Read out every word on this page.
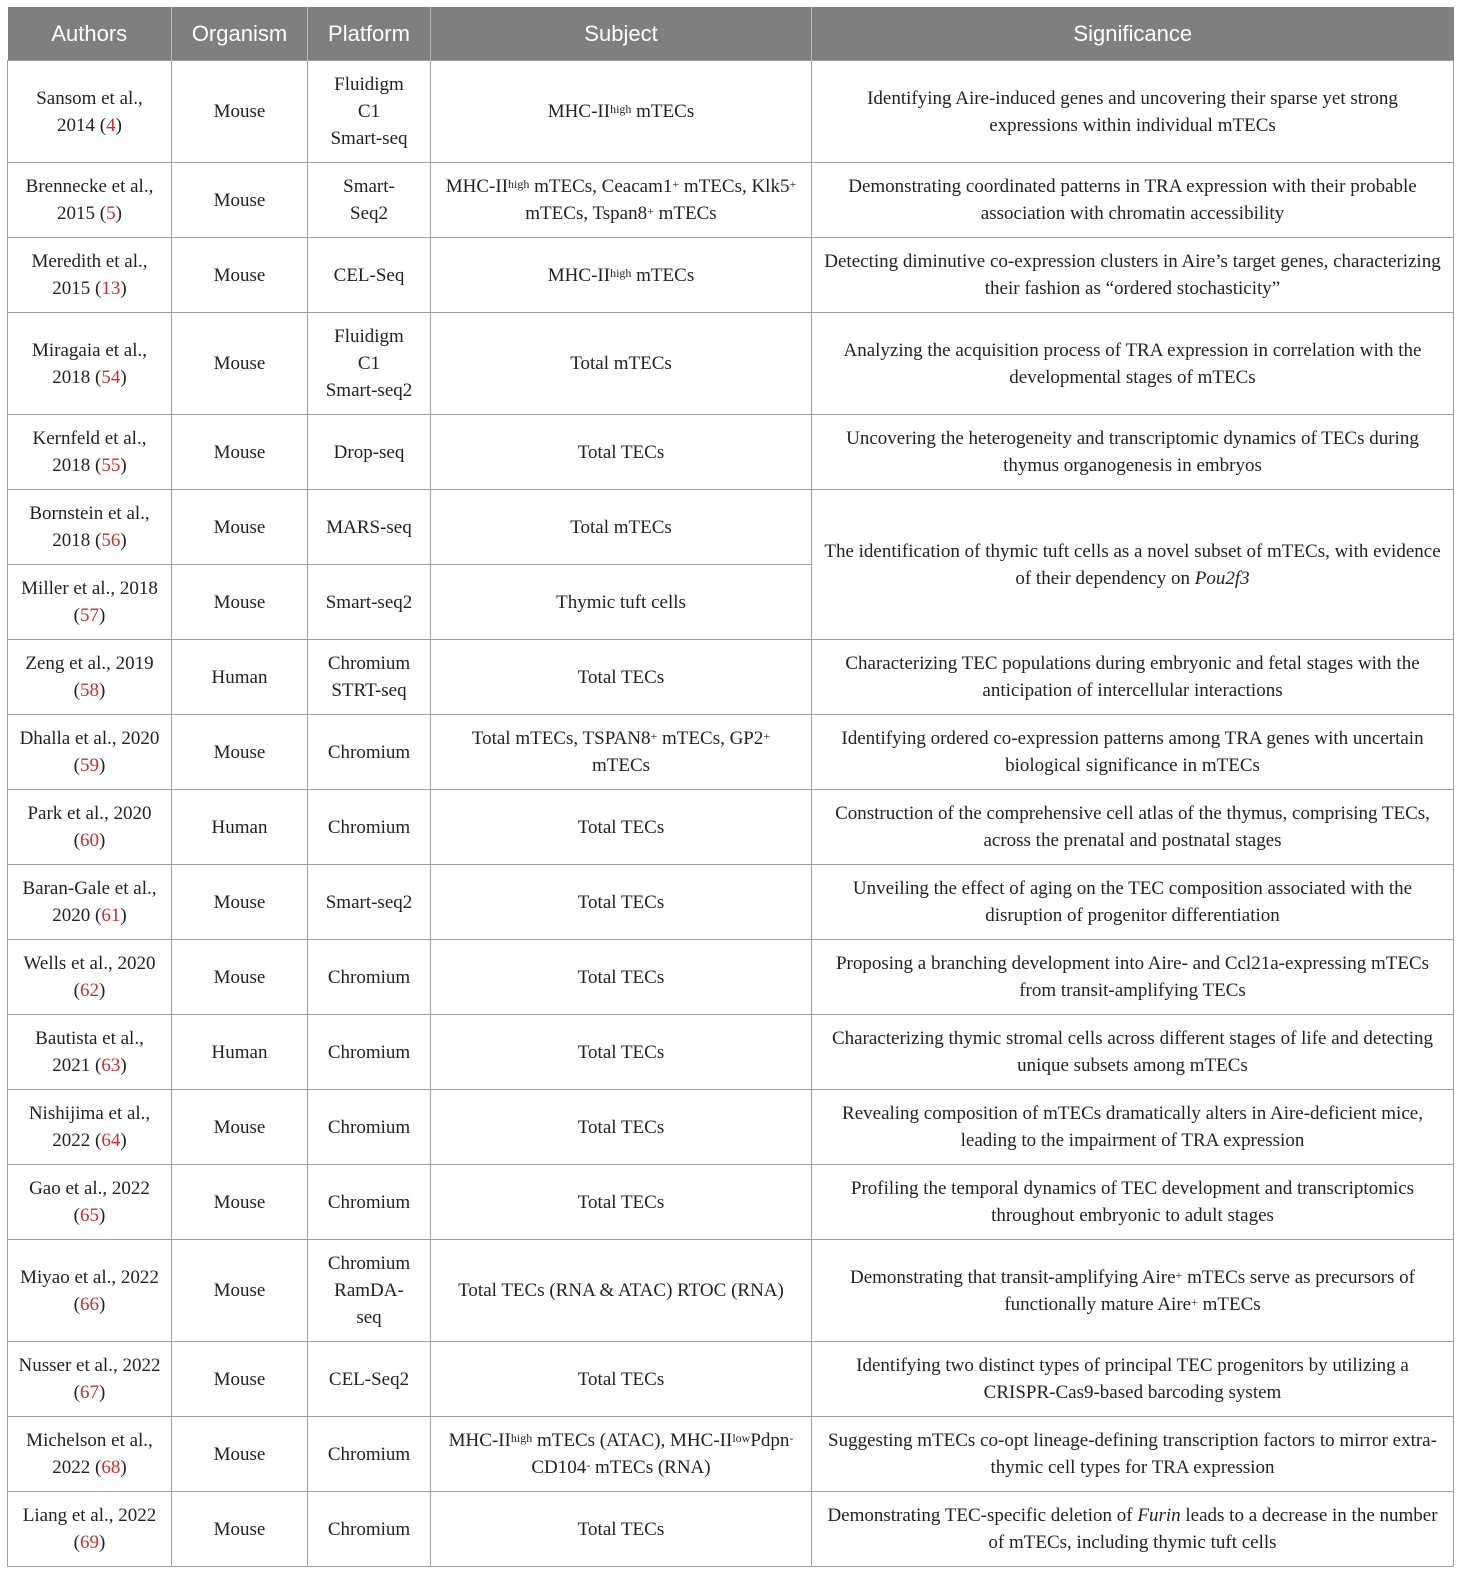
Authors	Organism	Platform	Subject	Significance
Sansom et al., 2014 (4)	Mouse	Fluidigm
C1
Smart-seq	MHC-$II^{high}$ mTECs	Identifying Aire-induced genes and uncovering their sparse yet strong expressions within individual mTECs
Brennecke et al., 2015 (5)	Mouse	Smart-
Seq2	MHC-$II^{high}$ mTECs, Ceacam1+ mTECs, Klk5+ mTECs, Tspan8+ mTECs	Demonstrating coordinated patterns in TRA expression with their probable association with chromatin accessibility
Meredith et al., 2015 (13)	Mouse	CEL-Seq	MHC-$II^{high}$ mTECs	Detecting diminutive co-expression clusters in Aire’s target genes, characterizing their fashion as “ordered stochasticity”
Miragaia et al., 2018 (54)	Mouse	Fluidigm
C1
Smart-seq2	Total mTECs	Analyzing the acquisition process of TRA expression in correlation with the developmental stages of mTECs
Kernfeld et al., 2018 (55)	Mouse	Drop-seq	Total TECs	Uncovering the heterogeneity and transcriptomic dynamics of TECs during thymus organogenesis in embryos
Bornstein et al., 2018 (56)	Mouse	MARS-seq	Total mTECs	The identification of thymic tuft cells as a novel subset of mTECs, with evidence of their dependency on Pou2f3
Miller et al., 2018 (57)	Mouse	Smart-seq2	Thymic tuft cells	
Zeng et al., 2019 (58)	Human	Chromium
STRT-seq	Total TECs	Characterizing TEC populations during embryonic and fetal stages with the anticipation of intercellular interactions
Dhalla et al., 2020 (59)	Mouse	Chromium	Total mTECs, TSPAN8+ mTECs, GP2+ mTECs	Identifying ordered co-expression patterns among TRA genes with uncertain biological significance in mTECs
Park et al., 2020 (60)	Human	Chromium	Total TECs	Construction of the comprehensive cell atlas of the thymus, comprising TECs, across the prenatal and postnatal stages
Baran-Gale et al., 2020 (61)	Mouse	Smart-seq2	Total TECs	Unveiling the effect of aging on the TEC composition associated with the disruption of progenitor differentiation
Wells et al., 2020 (62)	Mouse	Chromium	Total TECs	Proposing a branching development into Aire- and Ccl21a-expressing mTECs from transit-amplifying TECs
Bautista et al., 2021 (63)	Human	Chromium	Total TECs	Characterizing thymic stromal cells across different stages of life and detecting unique subsets among mTECs
Nishijima et al., 2022 (64)	Mouse	Chromium	Total TECs	Revealing composition of mTECs dramatically alters in Aire-deficient mice, leading to the impairment of TRA expression
Gao et al., 2022 (65)	Mouse	Chromium	Total TECs	Profiling the temporal dynamics of TEC development and transcriptomics throughout embryonic to adult stages
Miyao et al., 2022 (66)	Mouse	Chromium
RamDA-
seq	Total TECs (RNA & ATAC) RTOC (RNA)	Demonstrating that transit-amplifying Aire+ mTECs serve as precursors of functionally mature Aire+ mTECs
Nusser et al., 2022 (67)	Mouse	CEL-Seq2	Total TECs	Identifying two distinct types of principal TEC progenitors by utilizing a CRISPR-Cas9-based barcoding system
Michelson et al., 2022 (68)	Mouse	Chromium	MHC-$II^{high}$ mTECs (ATAC), MHC-$II^{low}Pdpn^-CD104^-$ mTECs (RNA)	Suggesting mTECs co-opt lineage-defining transcription factors to mirror extra-thymic cell types for TRA expression
Liang et al., 2022 (69)	Mouse	Chromium	Total TECs	Demonstrating TEC-specific deletion of Furin leads to a decrease in the number of mTECs, including thymic tuft cells
